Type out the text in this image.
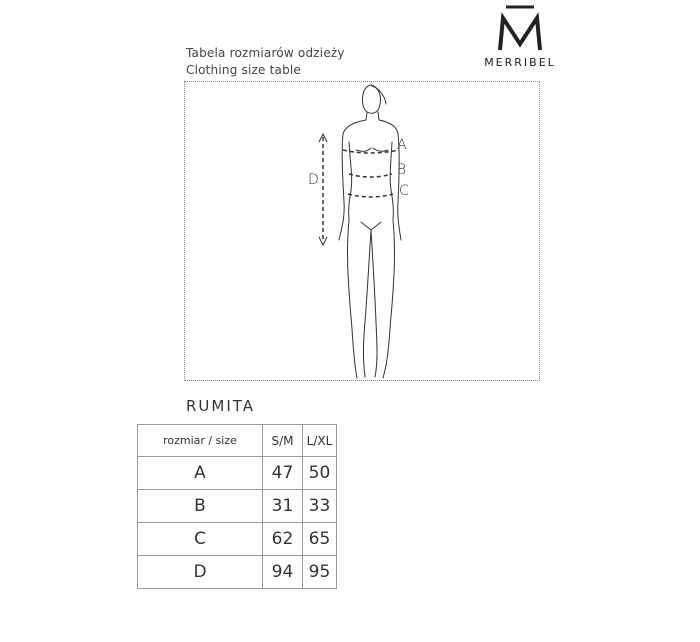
MERRIBEL
Tabela rozmiarów odzieży
Clothing size table
A
B
C
D
RUMITA
rozmiar / size	S/M	L/XL
A	47	50
B	31	33
C	62	65
D	94	95
